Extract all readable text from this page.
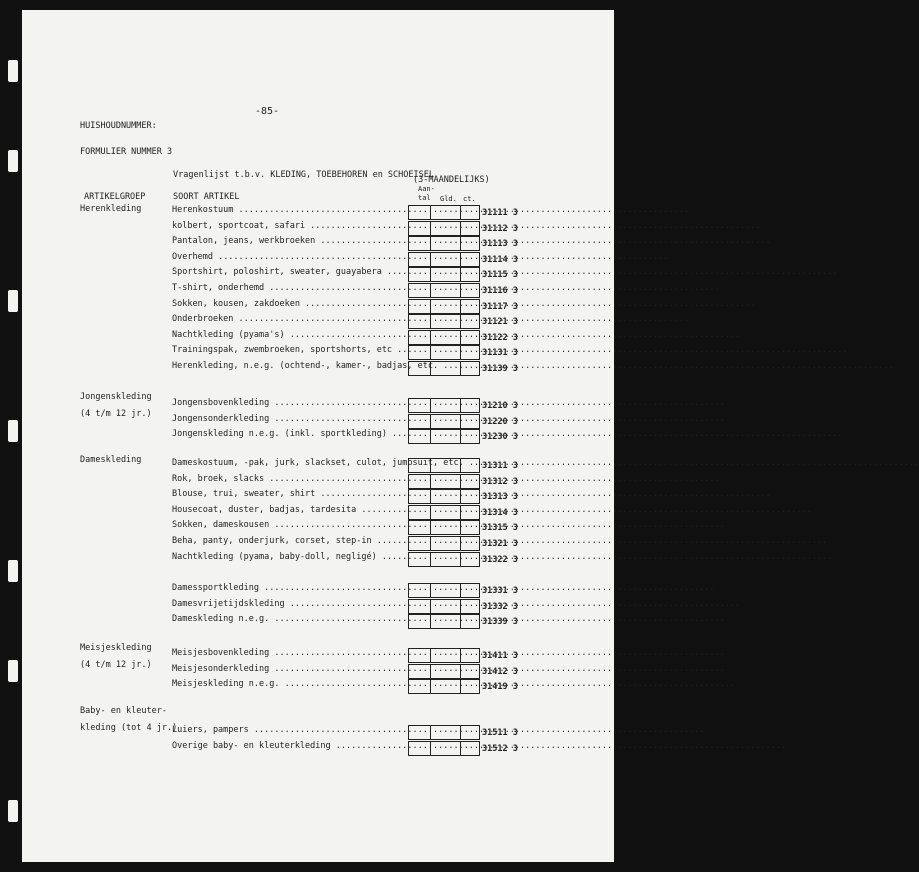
-85-
HUISHOUDNUMMER:
FORMULIER NUMMER 3
Vragenlijst t.b.v. KLEDING, TOEBEHOREN en SCHOEISEL
(3-MAANDELIJKS)
ARTIKELGROEP	SOORT ARTIKEL
Aan-
tal	Gld. ct.
Herenkleding	Herenkostuum .....	31111 3
kolbert, sportcoat, safari .....	31112 3
Pantalon, jeans, werkbroeken .....	31113 3
Overhemd .....	31114 3
Sportshirt, poloshirt, sweater, guayabera .....	31115 3
T-shirt, onderhemd .....	31116 3
Sokken, kousen, zakdoeken .....	31117 3
Onderbroeken .....	31121 3
Nachtkleding (pyama's) .....	31122 3
Trainingspak, zwembroeken, sportshorts, etc .....	31131 3
Herenkleding, n.e.g. (ochtend-, kamer-, badjas, etc. .....	31139 3
Jongenskleding
(4 t/m 12 jr.)
Jongensbovenkleding .....	31210 3
Jongensonderkleding .....	31220 3
Jongenskleding n.e.g. (inkl. sportkleding) .....	31230 3
Dameskleding	Dameskostuum, -pak, jurk, slackset, culot, jumpsuit, etc. ..... 31311 3
Rok, broek, slacks .....	31312 3
Blouse, trui, sweater, shirt .....	31313 3
Housecoat, duster, badjas, tardesita .....	31314 3
Sokken, dameskousen .....	31315 3
Beha, panty, onderjurk, corset, step-in .....	31321 3
Nachtkleding (pyama, baby-doll, negligé) .....	31322 3
Damessportkleding .....	31331 3
Damesvrijetijdskleding .....	31332 3
Dameskleding n.e.g. .....	31339 3
Meisjeskleding
(4 t/m 12 jr.)
Meisjesbovenkleding .....	31411 3
Meisjesonderkleding .....	31412 3
Meisjeskleding n.e.g. .....	31419 3
Baby- en kleuter-
kleding (tot 4 jr.)
Luiers, pampers .....	31511 3
Overige baby- en kleuterkleding .....	31512 3
